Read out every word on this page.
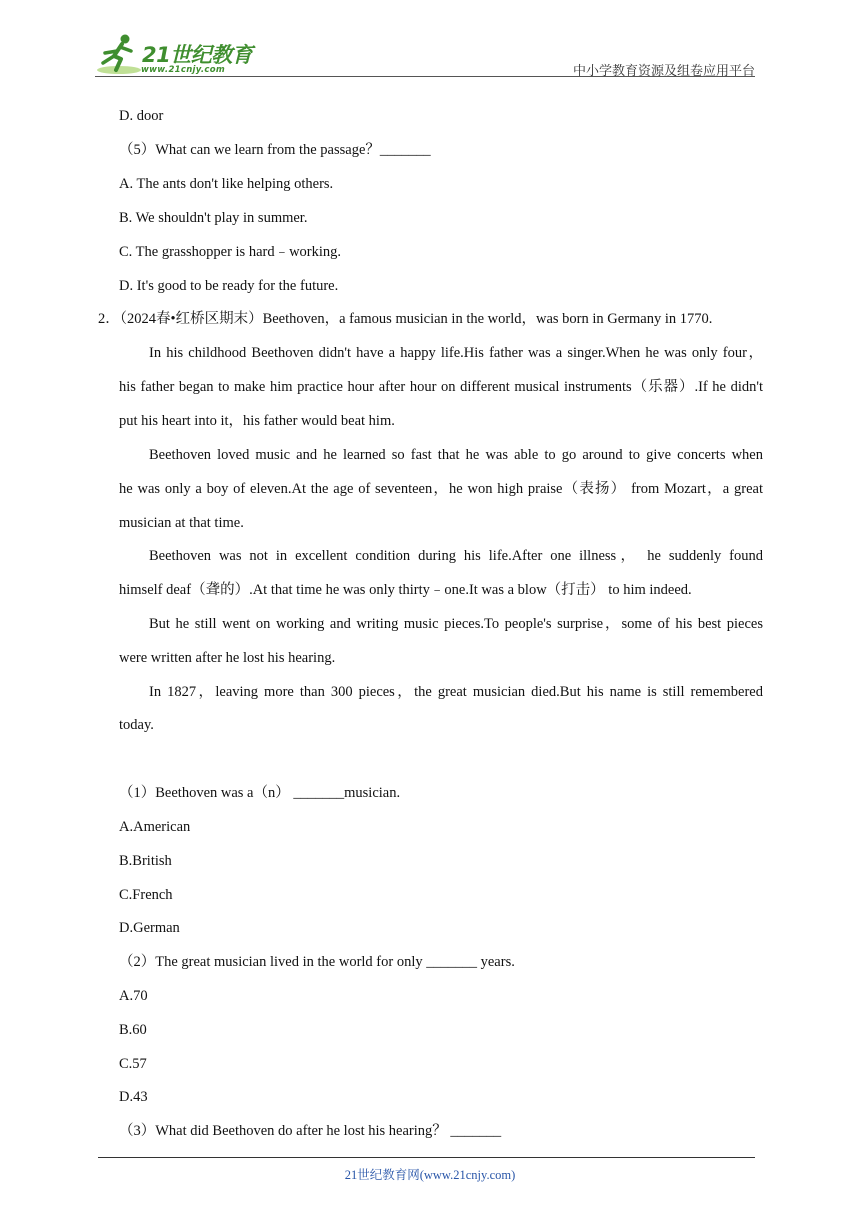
21世纪教育
www.21cnjy.com	中小学教育资源及组卷应用平台
D. door
（5）What can we learn from the passage？_______
A. The ants don't like helping others.
B. We shouldn't play in summer.
C. The grasshopper is hard﹣working.
D. It's good to be ready for the future.
2．（2024春•红桥区期末）Beethoven，a famous musician in the world，was born in Germany in 1770.
In his childhood Beethoven didn't have a happy life.His father was a singer.When he was only four，
his father began to make him practice hour after hour on different musical instruments（乐器）.If he didn't
put his heart into it，his father would beat him.
Beethoven loved music and he learned so fast that he was able to go around to give concerts when
he was only a boy of eleven.At the age of seventeen，he won high praise（表扬） from Mozart，a great
musician at that time.
Beethoven was not in excellent condition during his life.After one illness， he suddenly found
himself deaf（聋的）.At that time he was only thirty﹣one.It was a blow（打击） to him indeed.
But he still went on working and writing music pieces.To people's surprise，some of his best pieces
were written after he lost his hearing.
In 1827，leaving more than 300 pieces，the great musician died.But his name is still remembered
today.
（1）Beethoven was a（n） _______musician.
A.American
B.British
C.French
D.German
（2）The great musician lived in the world for only _______ years.
A.70
B.60
C.57
D.43
（3）What did Beethoven do after he lost his hearing？ _______
21世纪教育网(www.21cnjy.com)
